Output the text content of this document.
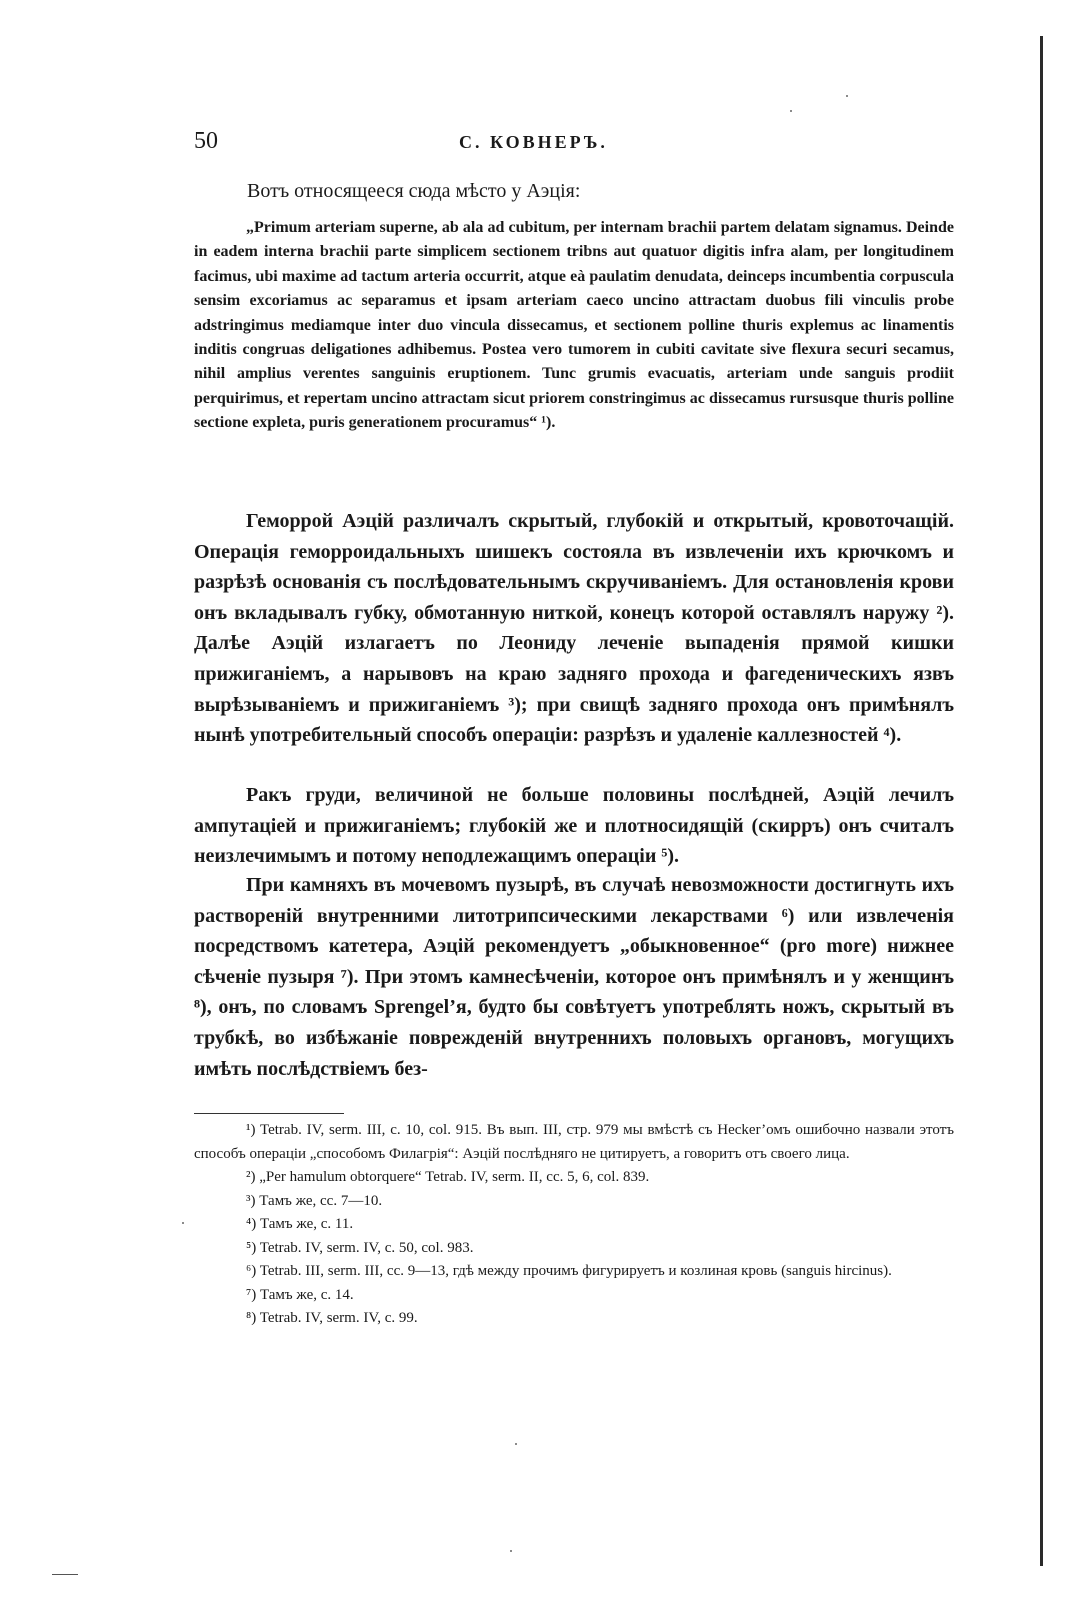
50	С. КОВНЕРЪ.

Вотъ относящееся сюда мѣсто у Аэція:

„Primum arteriam superne, ab ala ad cubitum, per internam brachii partem delatam signamus. Deinde in eadem interna brachii parte simplicem sectionem tribns aut quatuor digitis infra alam, per longitudinem facimus, ubi maxime ad tactum arteria occurrit, atque eà paulatim denudata, deinceps incumbentia corpuscula sensim excoriamus ac separamus et ipsam arteriam caeco uncino attractam duobus fili vinculis probe adstringimus mediamque inter duo vincula dissecamus, et sectionem polline thuris explemus ac linamentis inditis congruas deligationes adhibemus. Postea vero tumorem in cubiti cavitate sive flexura securi secamus, nihil amplius verentes sanguinis eruptionem. Tunc grumis evacuatis, arteriam unde sanguis prodiit perquirimus, et repertam uncino attractam sicut priorem constringimus ac dissecamus rursusque thuris polline sectione expleta, puris generationem procuramus“ ¹).

Геморрой Аэцій различалъ скрытый, глубокій и открытый, кровоточащій. Операція геморроидальныхъ шишекъ состояла въ извлеченіи ихъ крючкомъ и разрѣзѣ основанія съ послѣдовательнымъ скручиваніемъ. Для остановленія крови онъ вкладывалъ губку, обмотанную ниткой, конецъ которой оставлялъ наружу ²). Далѣе Аэцій излагаетъ по Леониду леченіе выпаденія прямой кишки прижиганіемъ, а нарывовъ на краю задняго прохода и фагеденическихъ язвъ вырѣзываніемъ и прижиганіемъ ³); при свищѣ задняго прохода онъ примѣнялъ нынѣ употребительный способъ операціи: разрѣзъ и удаленіе каллезностей ⁴).

Ракъ груди, величиной не больше половины послѣдней, Аэцій лечилъ ампутаціей и прижиганіемъ; глубокій же и плотносидящій (скирръ) онъ считалъ неизлечимымъ и потому неподлежащимъ операціи ⁵).

При камняхъ въ мочевомъ пузырѣ, въ случаѣ невозможности достигнуть ихъ раствореній внутренними литотрипсическими лекарствами ⁶) или извлеченія посредствомъ катетера, Аэцій рекомендуетъ „обыкновенное“ (pro more) нижнее сѣченіе пузыря ⁷). При этомъ камнесѣченіи, которое онъ примѣнялъ и у женщинъ ⁸), онъ, по словамъ Sprengel’я, будто бы совѣтуетъ употреблять ножъ, скрытый въ трубкѣ, во избѣжаніе поврежденій внутреннихъ половыхъ органовъ, могущихъ имѣть послѣдствіемъ без-

¹) Tetrab. IV, serm. III, c. 10, col. 915. Въ вып. III, стр. 979 мы вмѣстѣ съ Hecker’омъ ошибочно назвали этотъ способъ операціи „способомъ Филагрія“: Аэцій послѣдняго не цитируетъ, а говоритъ отъ своего лица.
²) „Per hamulum obtorquere“ Tetrab. IV, serm. II, cc. 5, 6, col. 839.
³) Тамъ же, cc. 7—10.
⁴) Тамъ же, c. 11.
⁵) Tetrab. IV, serm. IV, c. 50, col. 983.
⁶) Tetrab. III, serm. III, cc. 9—13, гдѣ между прочимъ фигурируетъ и козлиная кровь (sanguis hircinus).
⁷) Тамъ же, c. 14.
⁸) Tetrab. IV, serm. IV, c. 99.
